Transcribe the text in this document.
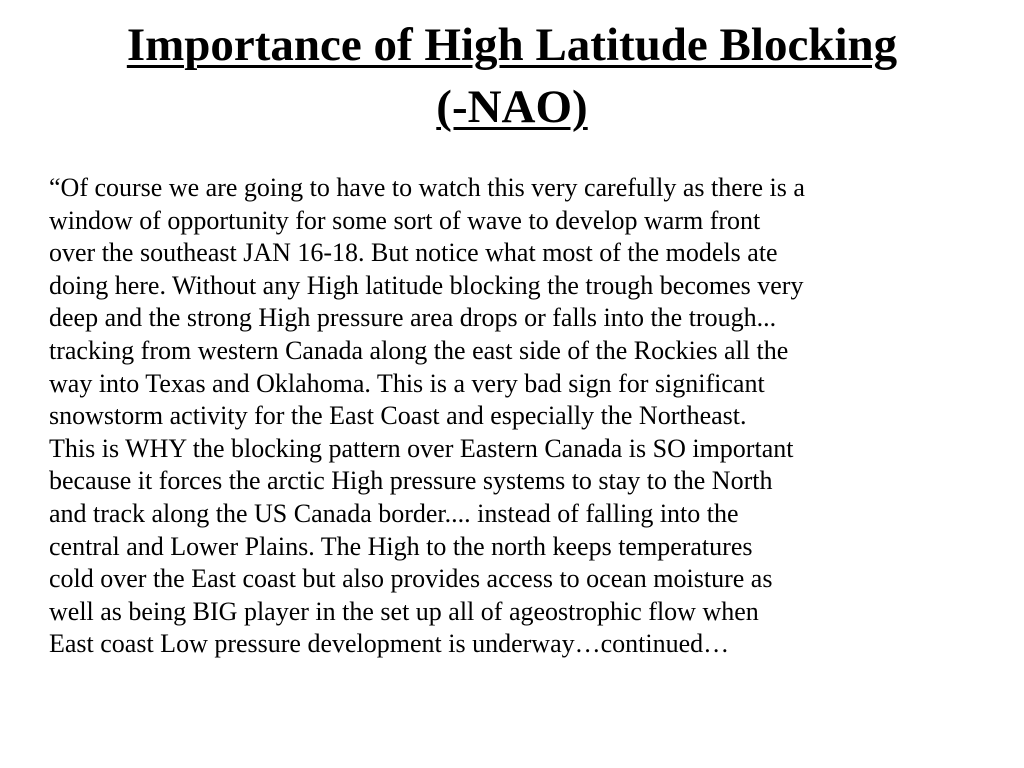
Importance of High Latitude Blocking
(-NAO)

“Of course we are going to have to watch this very carefully as there is a
window of opportunity for some sort of wave to develop warm front
over the southeast JAN 16-18. But notice what most of the models ate
doing here. Without any High latitude blocking the trough becomes very
deep and the strong High pressure area drops or falls into the trough...
tracking from western Canada along the east side of the Rockies all the
way into Texas and Oklahoma. This is a very bad sign for significant
snowstorm activity for the East Coast and especially the Northeast.
This is WHY the blocking pattern over Eastern Canada is SO important
because it forces the arctic High pressure systems to stay to the North
and track along the US Canada border.... instead of falling into the
central and Lower Plains. The High to the north keeps temperatures
cold over the East coast but also provides access to ocean moisture as
well as being BIG player in the set up all of ageostrophic flow when
East coast Low pressure development is underway…continued…
